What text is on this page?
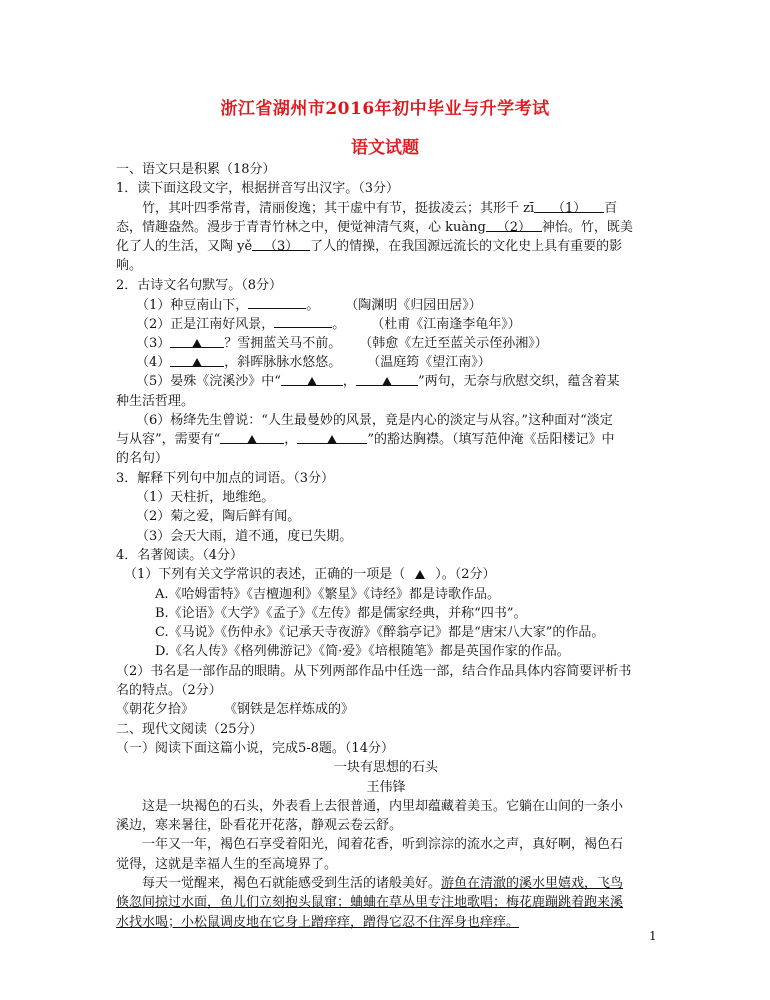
浙江省湖州市2016年初中毕业与升学考试
语文试题
一、语文只是积累（18分）
1．读下面这段文字，根据拼音写出汉字。（3分）
竹，其叶四季常青，清丽俊逸；其干虚中有节，挺拔凌云；其形千 zī （1） 百
态，情趣盎然。漫步于青青竹林之中，便觉神清气爽，心 kuàng （2） 神怡。竹，既美
化了人的生活，又陶 yě （3） 了人的情操，在我国源远流长的文化史上具有重要的影
响。
2．古诗文名句默写。（8分）
（1）种豆南山下，	。 （陶渊明《归园田居》）
（2）正是江南好风景，	。 （杜甫《江南逢李龟年》）
（3）	？雪拥蓝关马不前。 （韩愈《左迁至蓝关示侄孙湘》）
（4）	，斜晖脉脉水悠悠。 （温庭筠《望江南》）
（5）晏殊《浣溪沙》中“	，	”两句，无奈与欣慰交织，蕴含着某
种生活哲理。
（6）杨绛先生曾说：“人生最曼妙的风景，竟是内心的淡定与从容。”这种面对“淡定
与从容”，需要有“	，	”的豁达胸襟。（填写范仲淹《岳阳楼记》中
的名句）
3．解释下列句中加点的词语。（3分）
（1）天柱折，地维绝。
（2）菊之爱，陶后鲜有闻。
（3）会天大雨，道不通，度已失期。
4．名著阅读。（4分）
（1）下列有关文学常识的表述，正确的一项是（ ）。（2分）
A.《哈姆雷特》《吉檀迦利》《繁星》《诗经》都是诗歌作品。
B.《论语》《大学》《孟子》《左传》都是儒家经典，并称“四书”。
C.《马说》《伤仲永》《记承天寺夜游》《醉翁亭记》都是“唐宋八大家”的作品。
D.《名人传》《格列佛游记》《简·爱》《培根随笔》都是英国作家的作品。
（2）书名是一部作品的眼睛。从下列两部作品中任选一部，结合作品具体内容简要评析书
名的特点。（2分）
《朝花夕拾》 《钢铁是怎样炼成的》
二、现代文阅读（25分）
（一）阅读下面这篇小说，完成5-8题。（14分）
一块有思想的石头
王伟锋
这是一块褐色的石头，外表看上去很普通，内里却蕴藏着美玉。它躺在山间的一条小
溪边，寒来暑往，卧看花开花落，静观云卷云舒。
一年又一年，褐色石享受着阳光，闻着花香，听到淙淙的流水之声，真好啊，褐色石
觉得，这就是幸福人生的至高境界了。
每天一觉醒来，褐色石就能感受到生活的诸般美好。游鱼在清澈的溪水里嬉戏，飞鸟
倏忽间掠过水面，鱼儿们立刻抱头鼠窜；蛐蛐在草丛里专注地歌唱；梅花鹿蹦跳着跑来溪
水找水喝；小松鼠调皮地在它身上蹭痒痒，蹭得它忍不住浑身也痒痒。
1
